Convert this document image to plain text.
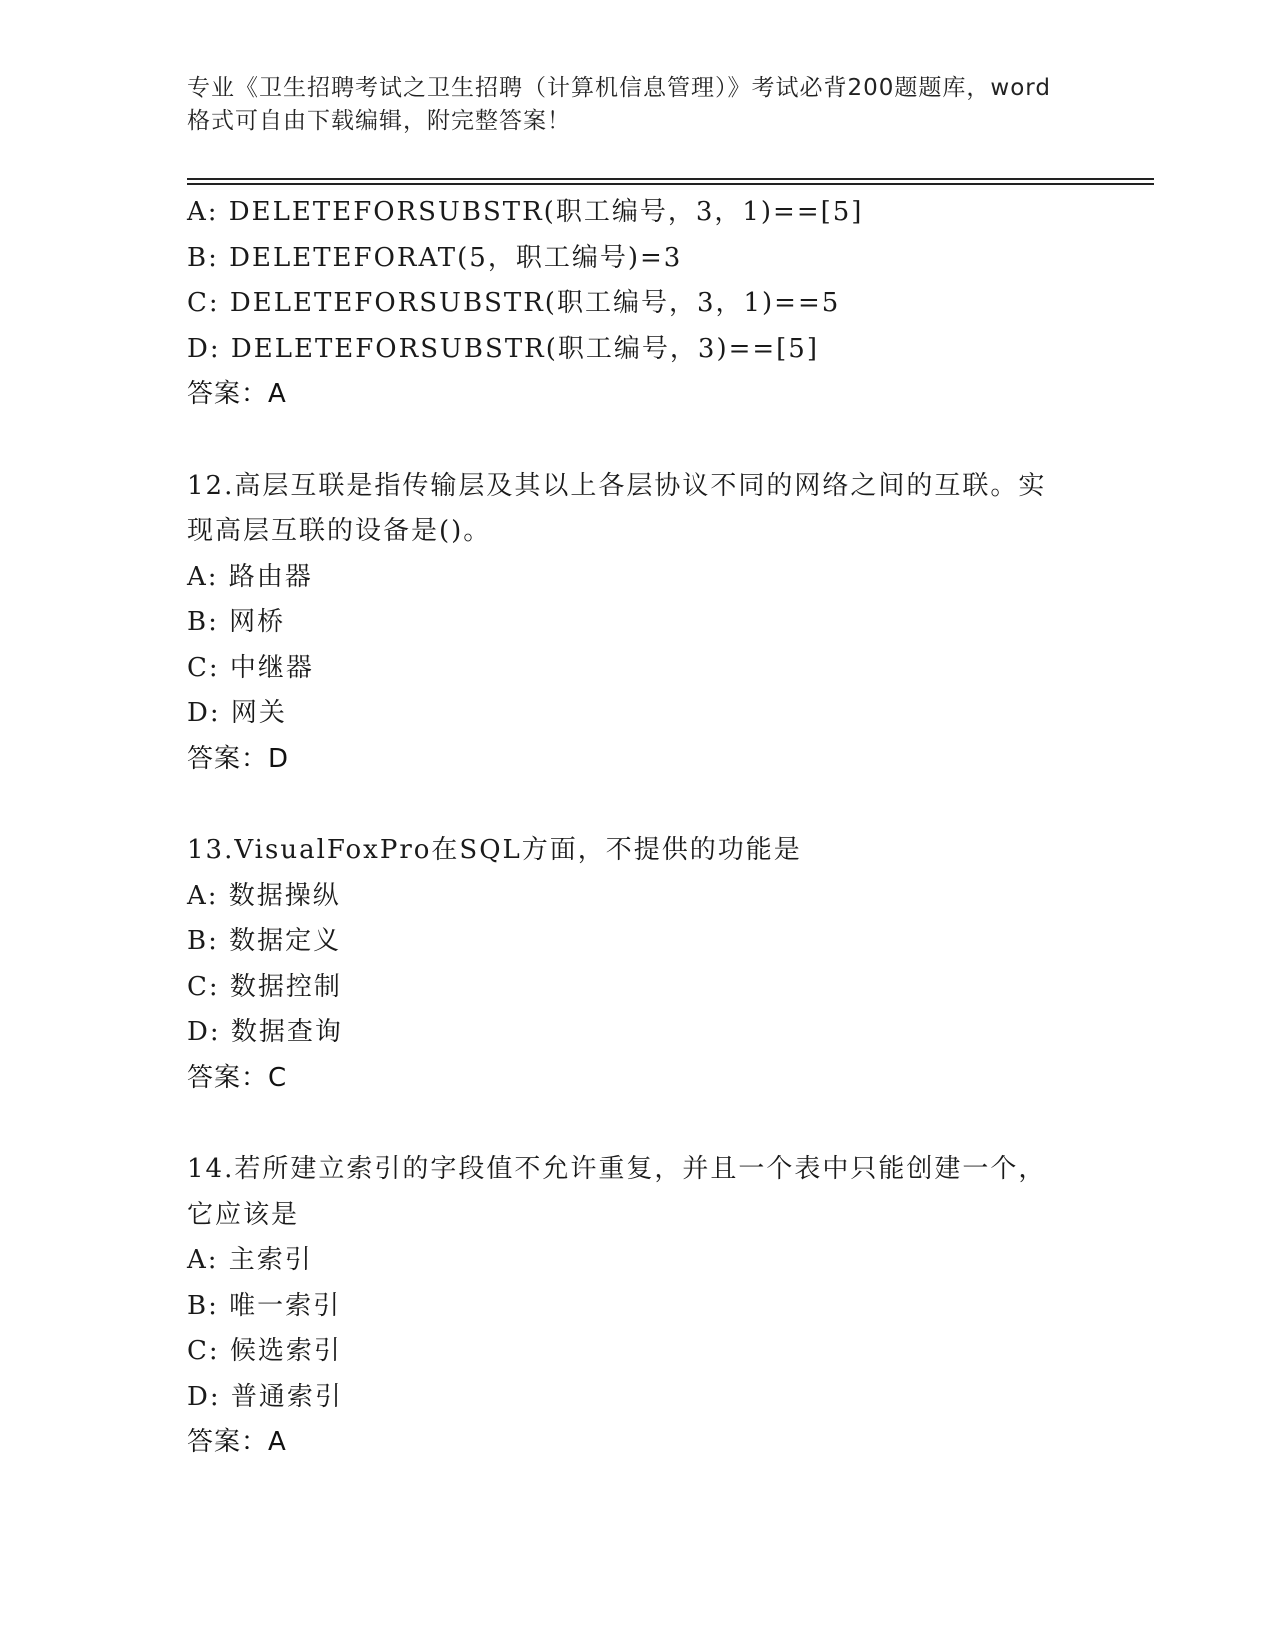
专业《卫生招聘考试之卫生招聘（计算机信息管理）》考试必背200题题库，word
格式可自由下载编辑，附完整答案！
A: DELETEFORSUBSTR(职工编号，3，1)==[5]
B: DELETEFORAT(5，职工编号)=3
C: DELETEFORSUBSTR(职工编号，3，1)==5
D: DELETEFORSUBSTR(职工编号，3)==[5]
答案：A
12.高层互联是指传输层及其以上各层协议不同的网络之间的互联。实
现高层互联的设备是()。
A: 路由器
B: 网桥
C: 中继器
D: 网关
答案：D
13.VisualFoxPro在SQL方面，不提供的功能是
A: 数据操纵
B: 数据定义
C: 数据控制
D: 数据查询
答案：C
14.若所建立索引的字段值不允许重复，并且一个表中只能创建一个，
它应该是
A: 主索引
B: 唯一索引
C: 候选索引
D: 普通索引
答案：A
